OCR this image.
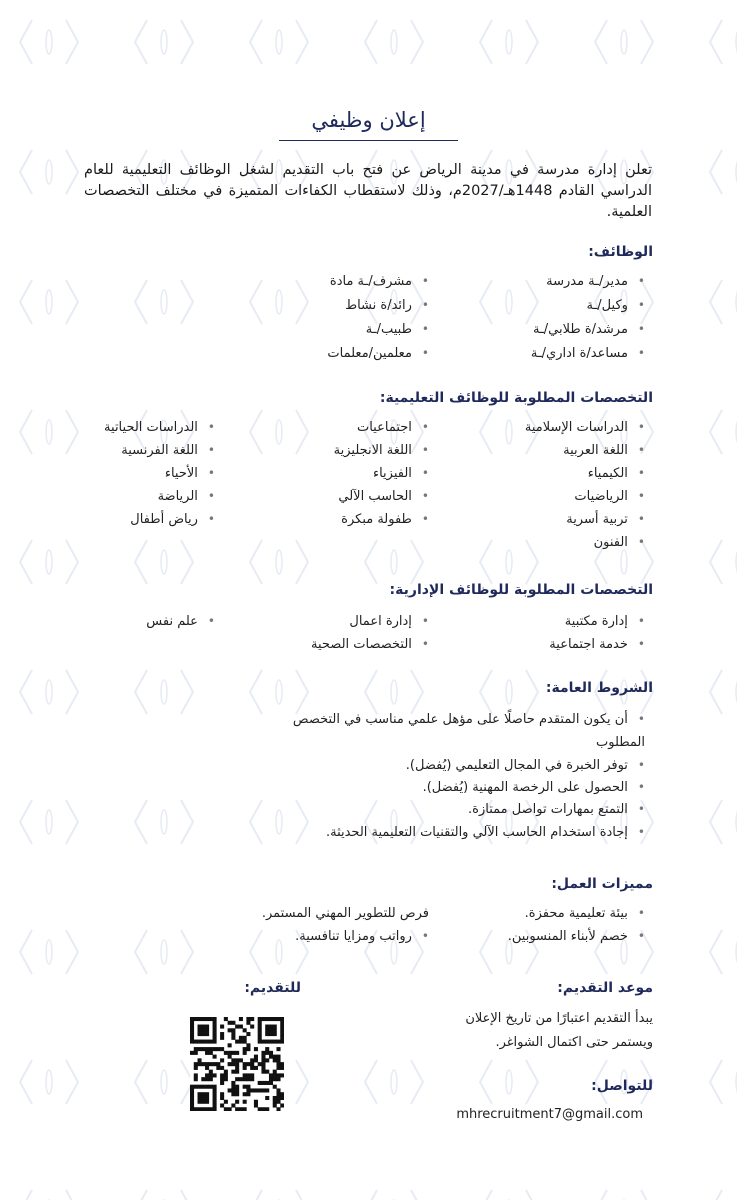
إعلان وظيفي

تعلن إدارة مدرسة في مدينة الرياض عن فتح باب التقديم لشغل الوظائف التعليمية للعام الدراسي القادم 1448هـ/2027م، وذلك لاستقطاب الكفاءات المتميزة في مختلف التخصصات العلمية.

الوظائف:
•مدير/ـة مدرسة
•مشرف/ـة مادة
•وكيل/ـة
•رائد/ة نشاط
•مرشد/ة طلابي/ـة
•طبيب/ـة
•مساعد/ة اداري/ـة
•معلمين/معلمات
التخصصات المطلوبة للوظائف التعليمية:
•الدراسات الإسلامية
•اجتماعيات
•الدراسات الحياتية
•اللغة العربية
•اللغة الانجليزية
•اللغة الفرنسية
•الكيمياء
•الفيزياء
•الأحياء
•الرياضيات
•الحاسب الآلي
•الرياضة
•تربية أسرية
•طفولة مبكرة
•رياض أطفال
•الفنون
التخصصات المطلوبة للوظائف الإدارية:
•إدارة مكتبية
•إدارة اعمال
•علم نفس
•خدمة اجتماعية
•التخصصات الصحية
الشروط العامة:
•أن يكون المتقدم حاصلًا على مؤهل علمي مناسب في التخصص
المطلوب
•توفر الخبرة في المجال التعليمي (يُفضل).
•الحصول على الرخصة المهنية (يُفضل).
•التمتع بمهارات تواصل ممتازة.
•إجادة استخدام الحاسب الآلي والتقنيات التعليمية الحديثة.
مميزات العمل:
•بيئة تعليمية محفزة.
فرص للتطوير المهني المستمر.
•خصم لأبناء المنسوبين.
•رواتب ومزايا تنافسية.
موعد التقديم:
يبدأ التقديم اعتبارًا من تاريخ الإعلان
ويستمر حتى اكتمال الشواغر.
للتقديم:
للتواصل:
mhrecruitment7@gmail.com
